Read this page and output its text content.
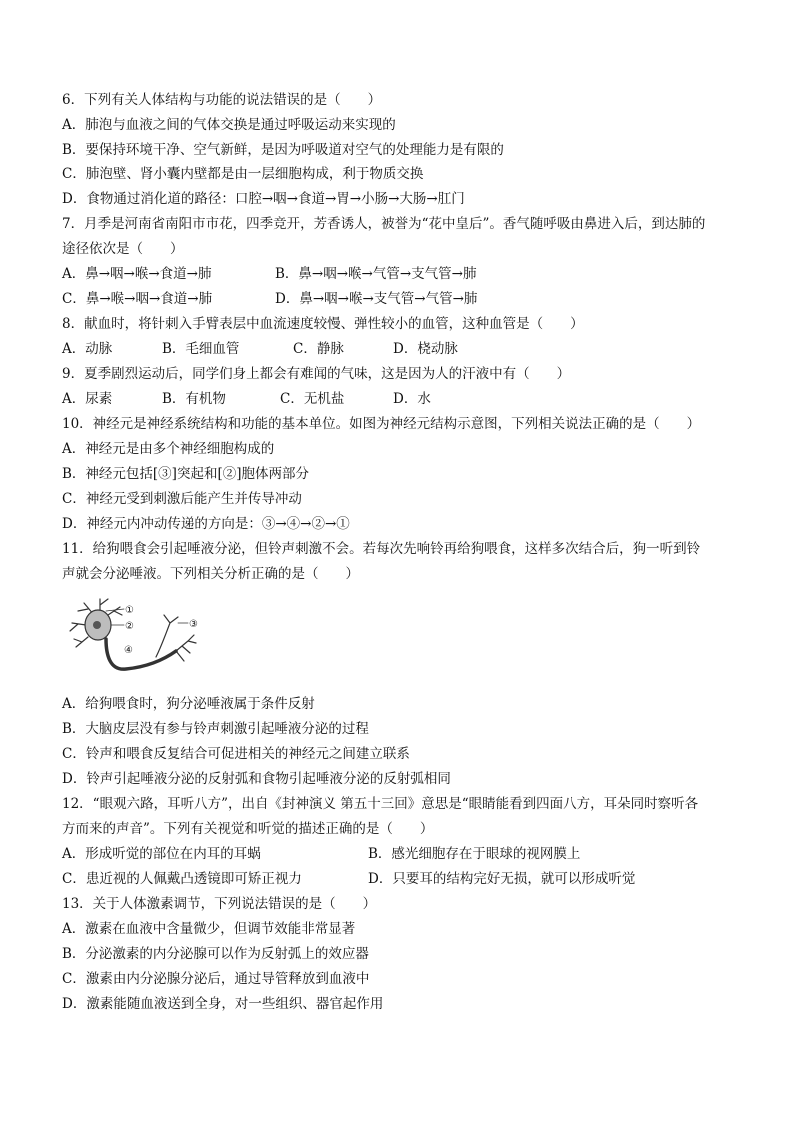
6．下列有关人体结构与功能的说法错误的是（　　）
A．肺泡与血液之间的气体交换是通过呼吸运动来实现的
B．要保持环境干净、空气新鲜，是因为呼吸道对空气的处理能力是有限的
C．肺泡壁、肾小囊内壁都是由一层细胞构成，利于物质交换
D．食物通过消化道的路径：口腔→咽→食道→胃→小肠→大肠→肛门
7．月季是河南省南阳市市花，四季竞开，芳香诱人，被誉为“花中皇后”。香气随呼吸由鼻进入后，到达肺的
途径依次是（　　）
A．鼻→咽→喉→食道→肺	B．鼻→咽→喉→气管→支气管→肺
C．鼻→喉→咽→食道→肺	D．鼻→咽→喉→支气管→气管→肺
8．献血时，将针刺入手臂表层中血流速度较慢、弹性较小的血管，这种血管是（　　）
A．动脉	B．毛细血管	C．静脉	D．桡动脉
9．夏季剧烈运动后，同学们身上都会有难闻的气味，这是因为人的汗液中有（　　）
A．尿素	B．有机物	C．无机盐	D．水
10．神经元是神经系统结构和功能的基本单位。如图为神经元结构示意图，下列相关说法正确的是（　　）
A．神经元是由多个神经细胞构成的
B．神经元包括[③]突起和[②]胞体两部分
C．神经元受到刺激后能产生并传导冲动
D．神经元内冲动传递的方向是：③→④→②→①
11．给狗喂食会引起唾液分泌，但铃声刺激不会。若每次先响铃再给狗喂食，这样多次结合后，狗一听到铃
声就会分泌唾液。下列相关分析正确的是（　　）
①
②	③
④
A．给狗喂食时，狗分泌唾液属于条件反射
B．大脑皮层没有参与铃声刺激引起唾液分泌的过程
C．铃声和喂食反复结合可促进相关的神经元之间建立联系
D．铃声引起唾液分泌的反射弧和食物引起唾液分泌的反射弧相同
12．“眼观六路，耳听八方”，出自《封神演义 第五十三回》意思是“眼睛能看到四面八方，耳朵同时察听各
方而来的声音”。下列有关视觉和听觉的描述正确的是（　　）
A．形成听觉的部位在内耳的耳蜗	B．感光细胞存在于眼球的视网膜上
C．患近视的人佩戴凸透镜即可矫正视力	D．只要耳的结构完好无损，就可以形成听觉
13．关于人体激素调节，下列说法错误的是（　　）
A．激素在血液中含量微少，但调节效能非常显著
B．分泌激素的内分泌腺可以作为反射弧上的效应器
C．激素由内分泌腺分泌后，通过导管释放到血液中
D．激素能随血液送到全身，对一些组织、器官起作用
